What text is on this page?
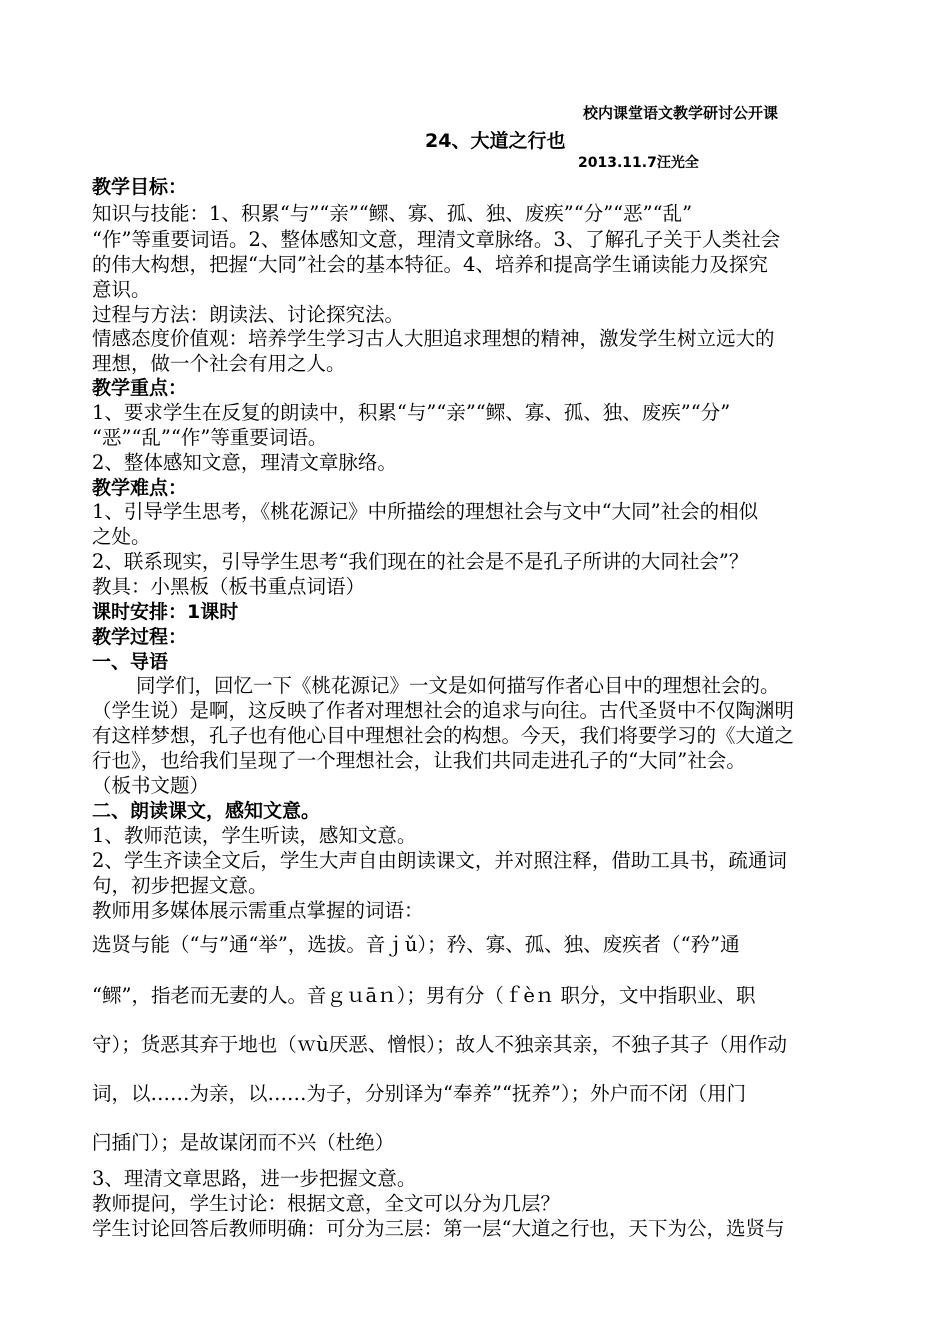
校内课堂语文教学研讨公开课
24、大道之行也
2013.11.7汪光全
教学目标：
知识与技能：1、积累“与”“亲”“鳏、寡、孤、独、废疾”“分”“恶”“乱”
“作”等重要词语。2、整体感知文意，理清文章脉络。3、了解孔子关于人类社会
的伟大构想，把握“大同”社会的基本特征。4、培养和提高学生诵读能力及探究
意识。
过程与方法：朗读法、讨论探究法。
情感态度价值观：培养学生学习古人大胆追求理想的精神，激发学生树立远大的
理想，做一个社会有用之人。
教学重点：
1、要求学生在反复的朗读中，积累“与”“亲”“鳏、寡、孤、独、废疾”“分”
“恶”“乱”“作”等重要词语。
2、整体感知文意，理清文章脉络。
教学难点：
1、引导学生思考，《桃花源记》中所描绘的理想社会与文中“大同”社会的相似
之处。
2、联系现实，引导学生思考“我们现在的社会是不是孔子所讲的大同社会”？
教具：小黑板（板书重点词语）
课时安排：1课时
教学过程：
一、导语
同学们，回忆一下《桃花源记》一文是如何描写作者心目中的理想社会的。
（学生说）是啊，这反映了作者对理想社会的追求与向往。古代圣贤中不仅陶渊明
有这样梦想，孔子也有他心目中理想社会的构想。今天，我们将要学习的《大道之
行也》，也给我们呈现了一个理想社会，让我们共同走进孔子的“大同”社会。
（板书文题）
二、朗读课文，感知文意。
1、教师范读，学生听读，感知文意。
2、学生齐读全文后，学生大声自由朗读课文，并对照注释，借助工具书，疏通词
句，初步把握文意。
教师用多媒体展示需重点掌握的词语：
选贤与能（“与”通“举”，选拔。音ｊǔ）；矜、寡、孤、独、废疾者（“矜”通
“鳏”，指老而无妻的人。音ｇｕāｎ）；男有分（ｆèｎ 职分，文中指职业、职
守）；货恶其弃于地也（ｗù厌恶、憎恨）；故人不独亲其亲，不独子其子（用作动
词，以……为亲，以……为子，分别译为“奉养”“抚养”）；外户而不闭（用门
闩插门）；是故谋闭而不兴（杜绝）
3、理清文章思路，进一步把握文意。
教师提问，学生讨论：根据文意，全文可以分为几层？
学生讨论回答后教师明确：可分为三层：第一层“大道之行也，天下为公，选贤与
